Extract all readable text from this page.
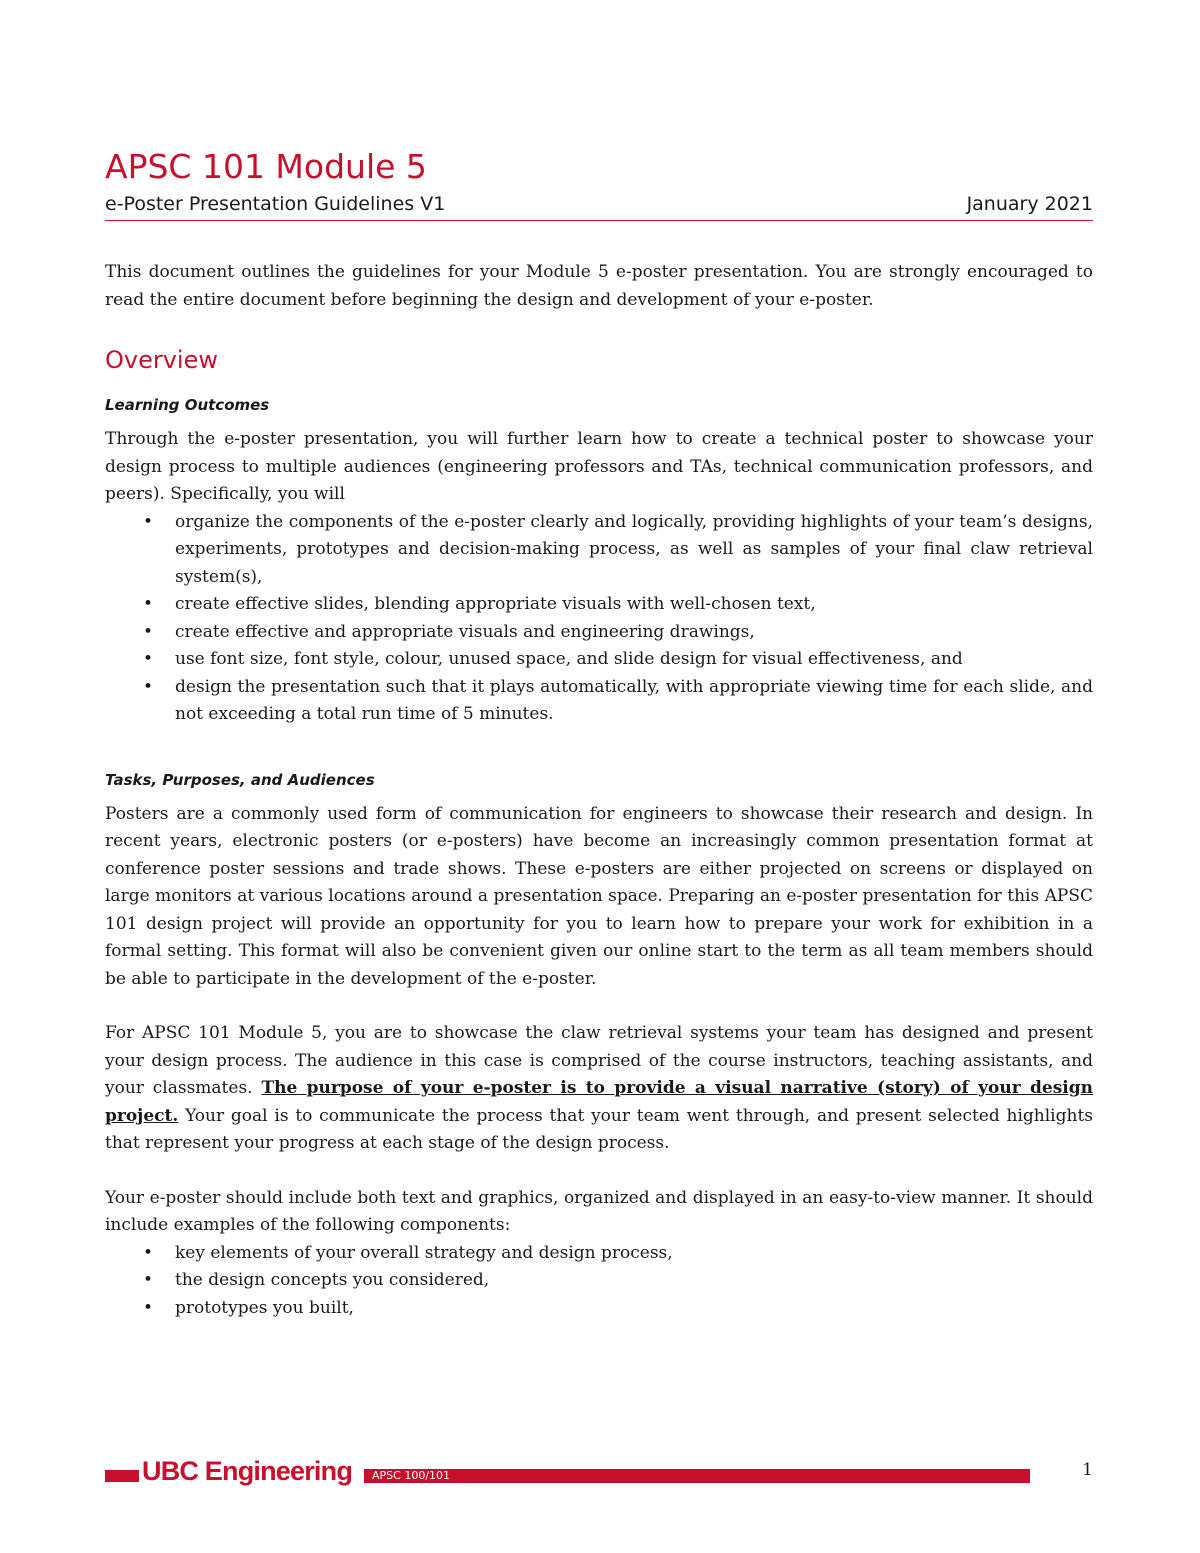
APSC 101 Module 5
e-Poster Presentation Guidelines V1	January 2021

This document outlines the guidelines for your Module 5 e-poster presentation. You are strongly encouraged to read the entire document before beginning the design and development of your e-poster.

Overview
Learning Outcomes

Through the e-poster presentation, you will further learn how to create a technical poster to showcase your design process to multiple audiences (engineering professors and TAs, technical communication professors, and peers). Specifically, you will

• organize the components of the e-poster clearly and logically, providing highlights of your team’s designs, experiments, prototypes and decision-making process, as well as samples of your final claw retrieval system(s),
• create effective slides, blending appropriate visuals with well-chosen text,
• create effective and appropriate visuals and engineering drawings,
• use font size, font style, colour, unused space, and slide design for visual effectiveness, and
• design the presentation such that it plays automatically, with appropriate viewing time for each slide, and not exceeding a total run time of 5 minutes.
Tasks, Purposes, and Audiences

Posters are a commonly used form of communication for engineers to showcase their research and design. In recent years, electronic posters (or e-posters) have become an increasingly common presentation format at conference poster sessions and trade shows. These e-posters are either projected on screens or displayed on large monitors at various locations around a presentation space. Preparing an e-poster presentation for this APSC 101 design project will provide an opportunity for you to learn how to prepare your work for exhibition in a formal setting. This format will also be convenient given our online start to the term as all team members should be able to participate in the development of the e-poster.

For APSC 101 Module 5, you are to showcase the claw retrieval systems your team has designed and present your design process. The audience in this case is comprised of the course instructors, teaching assistants, and your classmates. The purpose of your e-poster is to provide a visual narrative (story) of your design project. Your goal is to communicate the process that your team went through, and present selected highlights that represent your progress at each stage of the design process.

Your e-poster should include both text and graphics, organized and displayed in an easy-to-view manner. It should include examples of the following components:

• key elements of your overall strategy and design process,
• the design concepts you considered,
• prototypes you built,
UBC Engineering APSC 100/101	1
